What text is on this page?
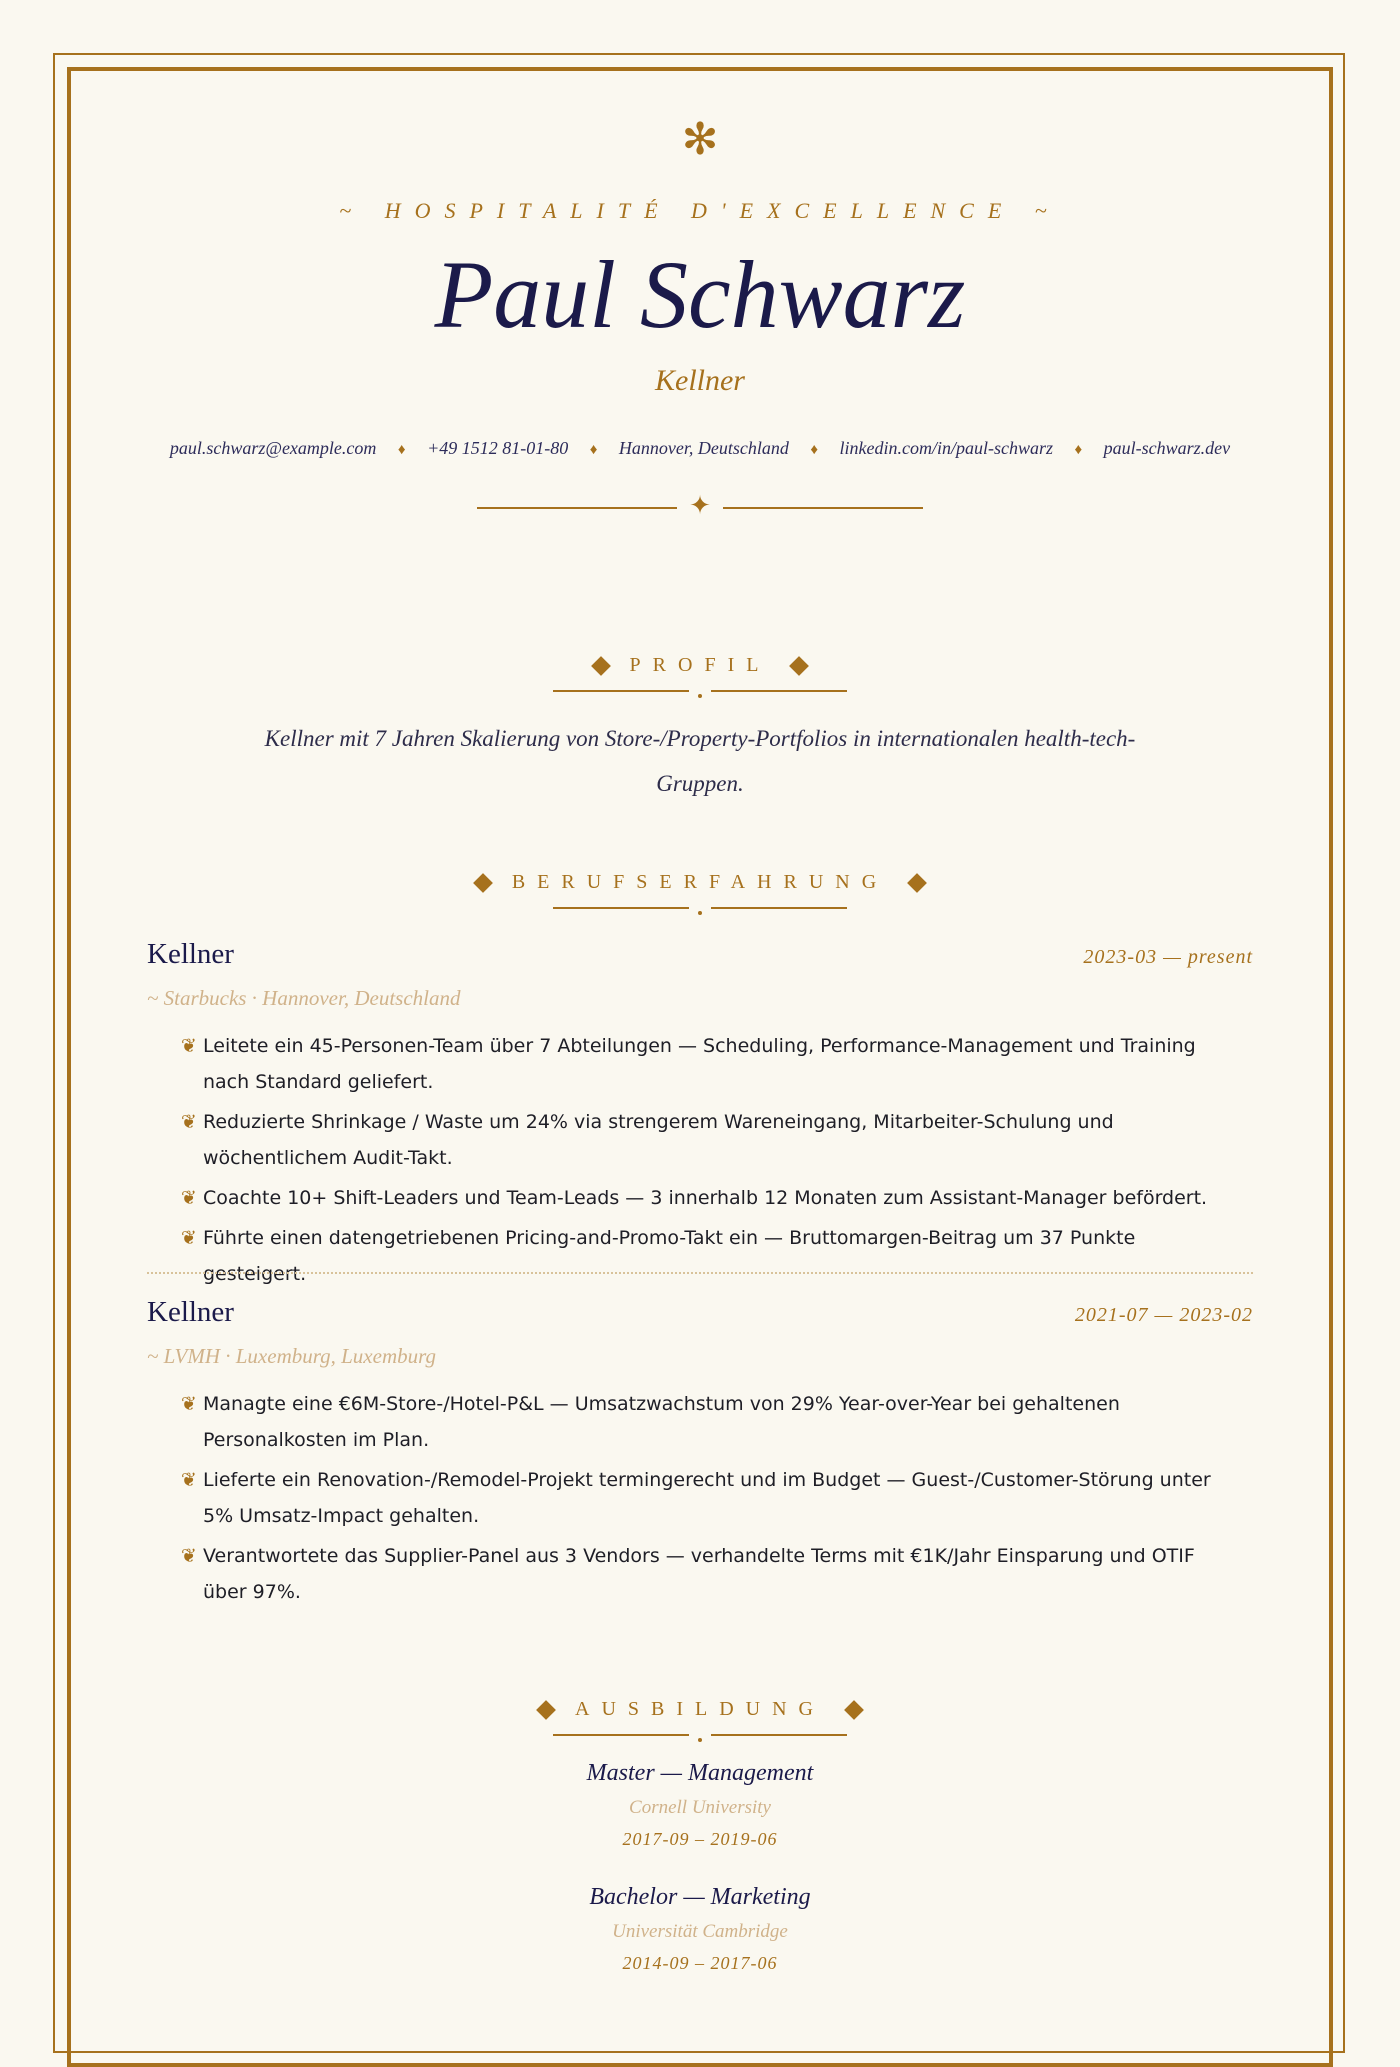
✻
~ HOSPITALITÉ D'EXCELLENCE ~
Paul Schwarz
Kellner
paul.schwarz@example.com ♦ +49 1512 81-01-80 ♦ Hannover, Deutschland ♦ linkedin.com/in/paul-schwarz ♦ paul-schwarz.dev
✦
PROFIL
Kellner mit 7 Jahren Skalierung von Store-/Property-Portfolios in internationalen health-tech-Gruppen.
BERUFSERFAHRUNG
Kellner	2023-03 — present
~ Starbucks · Hannover, Deutschland
❦ Leitete ein 45-Personen-Team über 7 Abteilungen — Scheduling, Performance-Management und Training nach Standard geliefert.
❦ Reduzierte Shrinkage / Waste um 24% via strengerem Wareneingang, Mitarbeiter-Schulung und wöchentlichem Audit-Takt.
❦ Coachte 10+ Shift-Leaders und Team-Leads — 3 innerhalb 12 Monaten zum Assistant-Manager befördert.
❦ Führte einen datengetriebenen Pricing-and-Promo-Takt ein — Bruttomargen-Beitrag um 37 Punkte gesteigert.
Kellner	2021-07 — 2023-02
~ LVMH · Luxemburg, Luxemburg
❦ Managte eine €6M-Store-/Hotel-P&L — Umsatzwachstum von 29% Year-over-Year bei gehaltenen Personalkosten im Plan.
❦ Lieferte ein Renovation-/Remodel-Projekt termingerecht und im Budget — Guest-/Customer-Störung unter 5% Umsatz-Impact gehalten.
❦ Verantwortete das Supplier-Panel aus 3 Vendors — verhandelte Terms mit €1K/Jahr Einsparung und OTIF über 97%.
AUSBILDUNG
Master — Management
Cornell University
2017-09 – 2019-06
Bachelor — Marketing
Universität Cambridge
2014-09 – 2017-06
